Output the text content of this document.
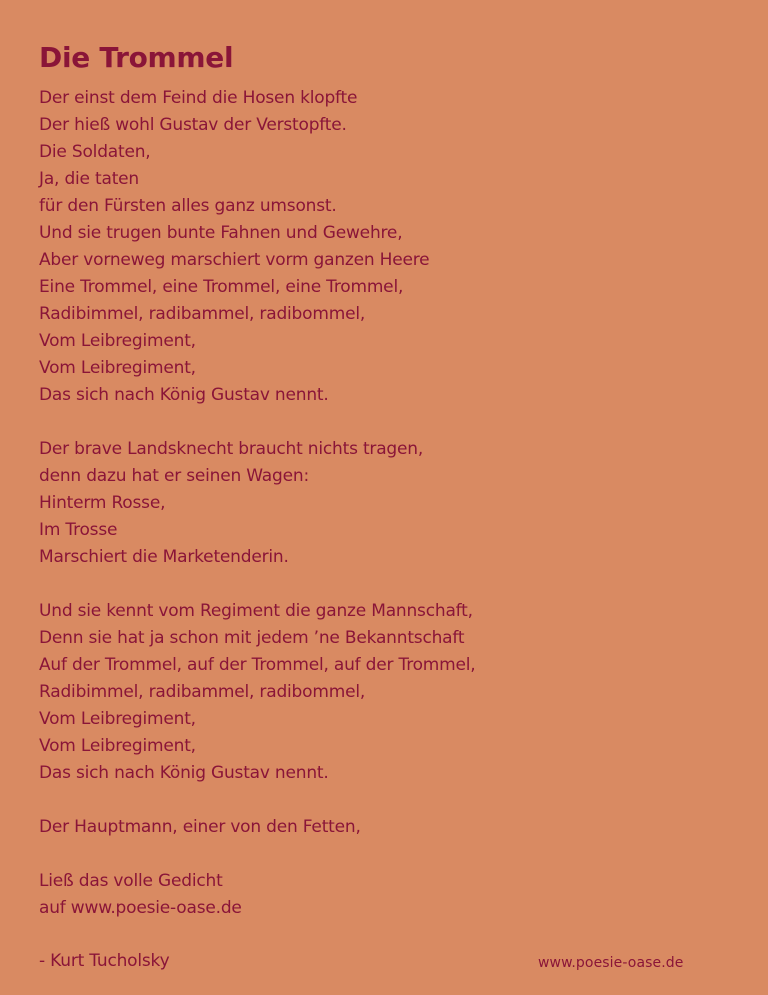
Die Trommel
Der einst dem Feind die Hosen klopfte
Der hieß wohl Gustav der Verstopfte.
Die Soldaten,
Ja, die taten
für den Fürsten alles ganz umsonst.
Und sie trugen bunte Fahnen und Gewehre,
Aber vorneweg marschiert vorm ganzen Heere
Eine Trommel, eine Trommel, eine Trommel,
Radibimmel, radibammel, radibommel,
Vom Leibregiment,
Vom Leibregiment,
Das sich nach König Gustav nennt.
Der brave Landsknecht braucht nichts tragen,
denn dazu hat er seinen Wagen:
Hinterm Rosse,
Im Trosse
Marschiert die Marketenderin.
Und sie kennt vom Regiment die ganze Mannschaft,
Denn sie hat ja schon mit jedem ’ne Bekanntschaft
Auf der Trommel, auf der Trommel, auf der Trommel,
Radibimmel, radibammel, radibommel,
Vom Leibregiment,
Vom Leibregiment,
Das sich nach König Gustav nennt.
Der Hauptmann, einer von den Fetten,
Ließ das volle Gedicht
auf www.poesie-oase.de
- Kurt Tucholsky	www.poesie-oase.de
